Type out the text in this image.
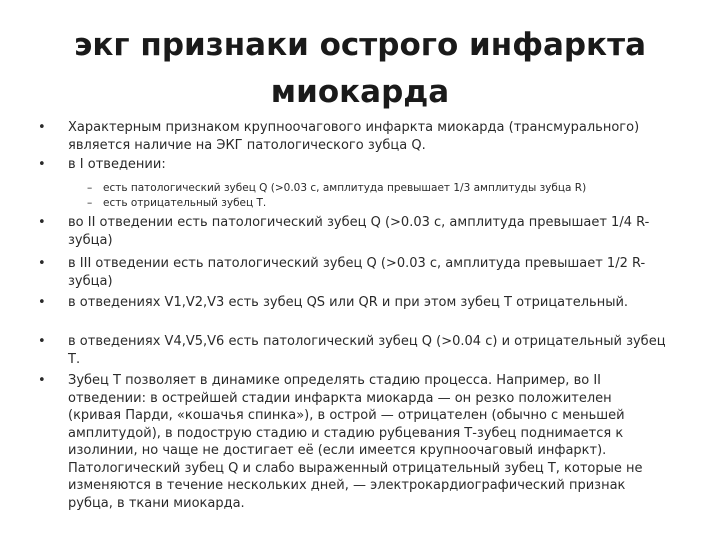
экг признаки острого инфаркта
миокарда
• Характерным признаком крупноочагового инфаркта миокарда (трансмурального) является наличие на ЭКГ патологического зубца Q.
• в I отведении:
– есть патологический зубец Q (>0.03 с, амплитуда превышает 1/3 амплитуды зубца R)
– есть отрицательный зубец Т.
• во II отведении есть патологический зубец Q (>0.03 с, амплитуда превышает 1/4 R-зубца)
• в III отведении есть патологический зубец Q (>0.03 с, амплитуда превышает 1/2 R-зубца)
• в отведениях V1,V2,V3 есть зубец QS или QR и при этом зубец Т отрицательный.
• в отведениях V4,V5,V6 есть патологический зубец Q (>0.04 с) и отрицательный зубец Т.
• Зубец Т позволяет в динамике определять стадию процесса. Например, во II отведении: в острейшей стадии инфаркта миокарда — он резко положителен (кривая Парди, «кошачья спинка»), в острой — отрицателен (обычно с меньшей амплитудой), в подострую стадию и стадию рубцевания Т-зубец поднимается к изолинии, но чаще не достигает её (если имеется крупноочаговый инфаркт). Патологический зубец Q и слабо выраженный отрицательный зубец Т, которые не изменяются в течение нескольких дней, — электрокардиографический признак рубца, в ткани миокарда.
